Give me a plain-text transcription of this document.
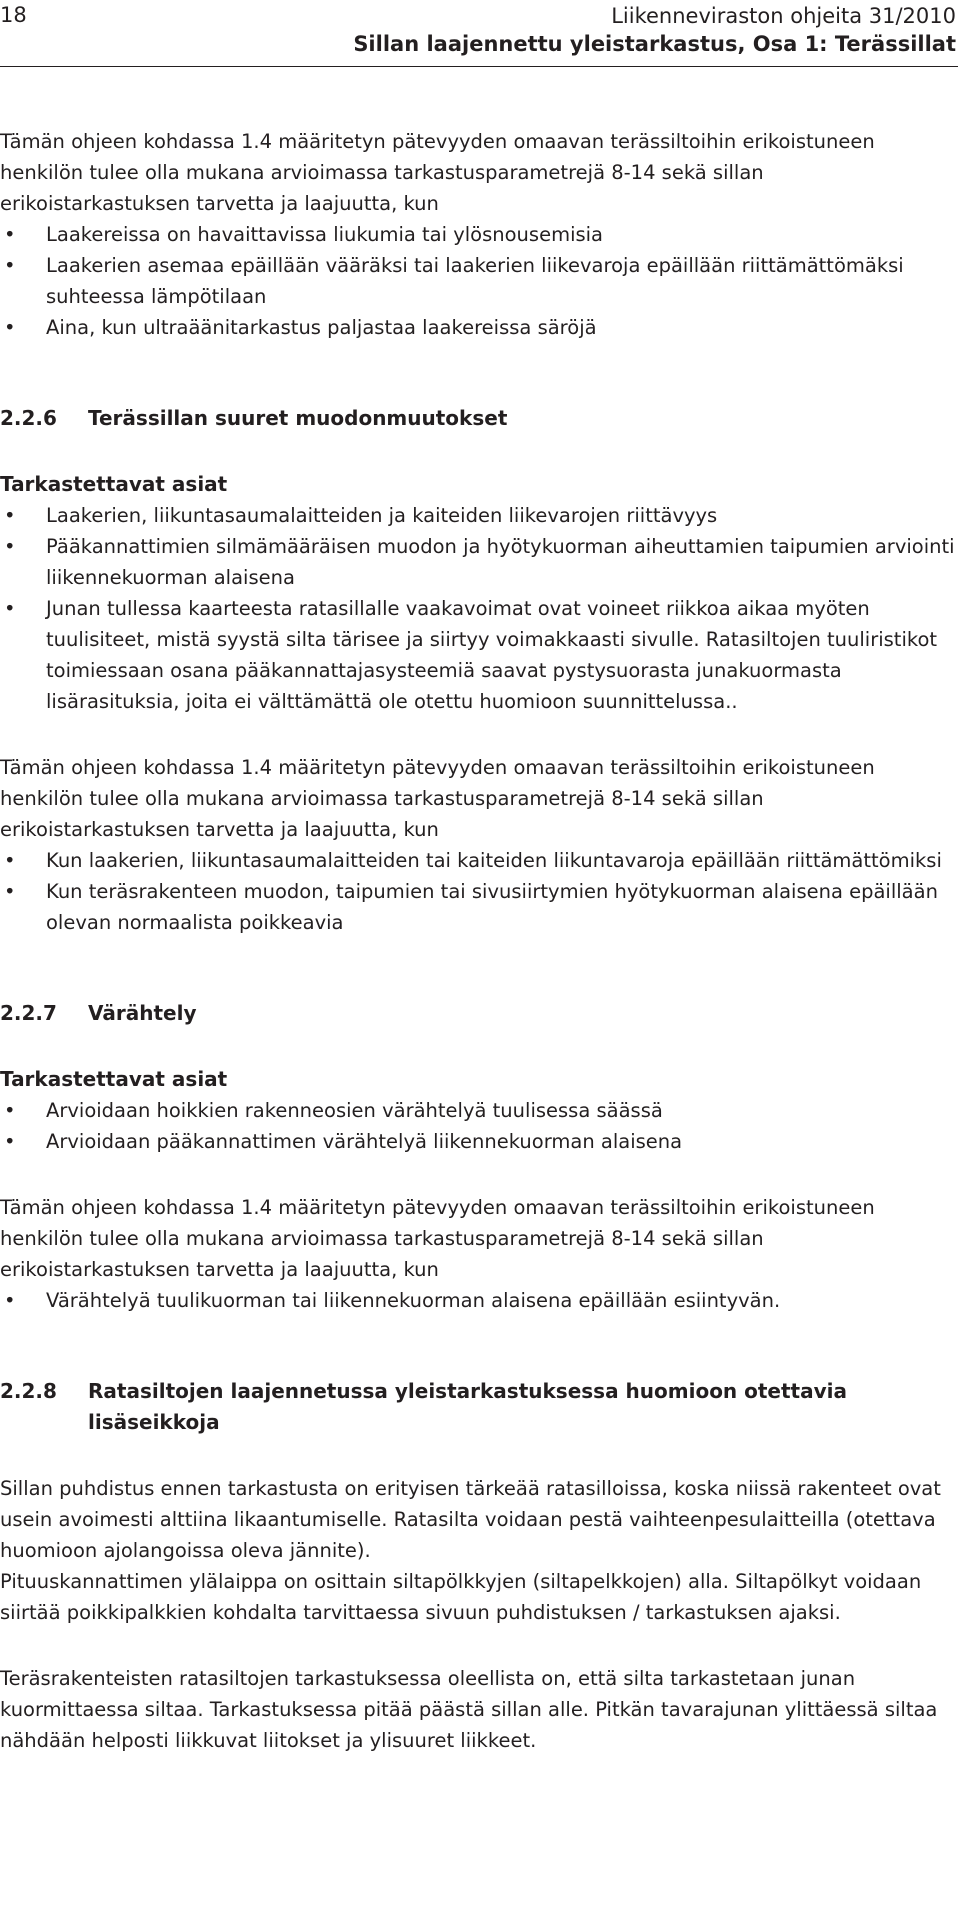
18	Liikenneviraston ohjeita 31/2010
Sillan laajennettu yleistarkastus, Osa 1: Terässillat

Tämän ohjeen kohdassa 1.4 määritetyn pätevyyden omaavan terässiltoihin erikoistuneen henkilön tulee olla mukana arvioimassa tarkastusparametrejä 8-14 sekä sillan erikoistarkastuksen tarvetta ja laajuutta, kun

• Laakereissa on havaittavissa liukumia tai ylösnousemisia
• Laakerien asemaa epäillään vääräksi tai laakerien liikevaroja epäillään riittämättömäksi suhteessa lämpötilaan
• Aina, kun ultraäänitarkastus paljastaa laakereissa säröjä
2.2.6	Terässillan suuret muodonmuutokset
Tarkastettavat asiat
• Laakerien, liikuntasaumalaitteiden ja kaiteiden liikevarojen riittävyys
• Pääkannattimien silmämääräisen muodon ja hyötykuorman aiheuttamien taipumien arviointi liikennekuorman alaisena
• Junan tullessa kaarteesta ratasillalle vaakavoimat ovat voineet riikkoa aikaa myöten tuulisiteet, mistä syystä silta tärisee ja siirtyy voimakkaasti sivulle. Ratasiltojen tuuliristikot toimiessaan osana pääkannattajasysteemiä saavat pystysuorasta junakuormasta lisärasituksia, joita ei välttämättä ole otettu huomioon suunnittelussa..

Tämän ohjeen kohdassa 1.4 määritetyn pätevyyden omaavan terässiltoihin erikoistuneen henkilön tulee olla mukana arvioimassa tarkastusparametrejä 8-14 sekä sillan erikoistarkastuksen tarvetta ja laajuutta, kun

• Kun laakerien, liikuntasaumalaitteiden tai kaiteiden liikuntavaroja epäillään riittämättömiksi
• Kun teräsrakenteen muodon, taipumien tai sivusiirtymien hyötykuorman alaisena epäillään olevan normaalista poikkeavia
2.2.7	Värähtely
Tarkastettavat asiat
• Arvioidaan hoikkien rakenneosien värähtelyä tuulisessa säässä
• Arvioidaan pääkannattimen värähtelyä liikennekuorman alaisena

Tämän ohjeen kohdassa 1.4 määritetyn pätevyyden omaavan terässiltoihin erikoistuneen henkilön tulee olla mukana arvioimassa tarkastusparametrejä 8-14 sekä sillan erikoistarkastuksen tarvetta ja laajuutta, kun

• Värähtelyä tuulikuorman tai liikennekuorman alaisena epäillään esiintyvän.
2.2.8	Ratasiltojen laajennetussa yleistarkastuksessa huomioon otettavia lisäseikkoja

Sillan puhdistus ennen tarkastusta on erityisen tärkeää ratasilloissa, koska niissä rakenteet ovat usein avoimesti alttiina likaantumiselle. Ratasilta voidaan pestä vaihteenpesulaitteilla (otettava huomioon ajolangoissa oleva jännite).

Pituuskannattimen ylälaippa on osittain siltapölkkyjen (siltapelkkojen) alla. Siltapölkyt voidaan siirtää poikkipalkkien kohdalta tarvittaessa sivuun puhdistuksen / tarkastuksen ajaksi.

Teräsrakenteisten ratasiltojen tarkastuksessa oleellista on, että silta tarkastetaan junan kuormittaessa siltaa. Tarkastuksessa pitää päästä sillan alle. Pitkän tavarajunan ylittäessä siltaa nähdään helposti liikkuvat liitokset ja ylisuuret liikkeet.
